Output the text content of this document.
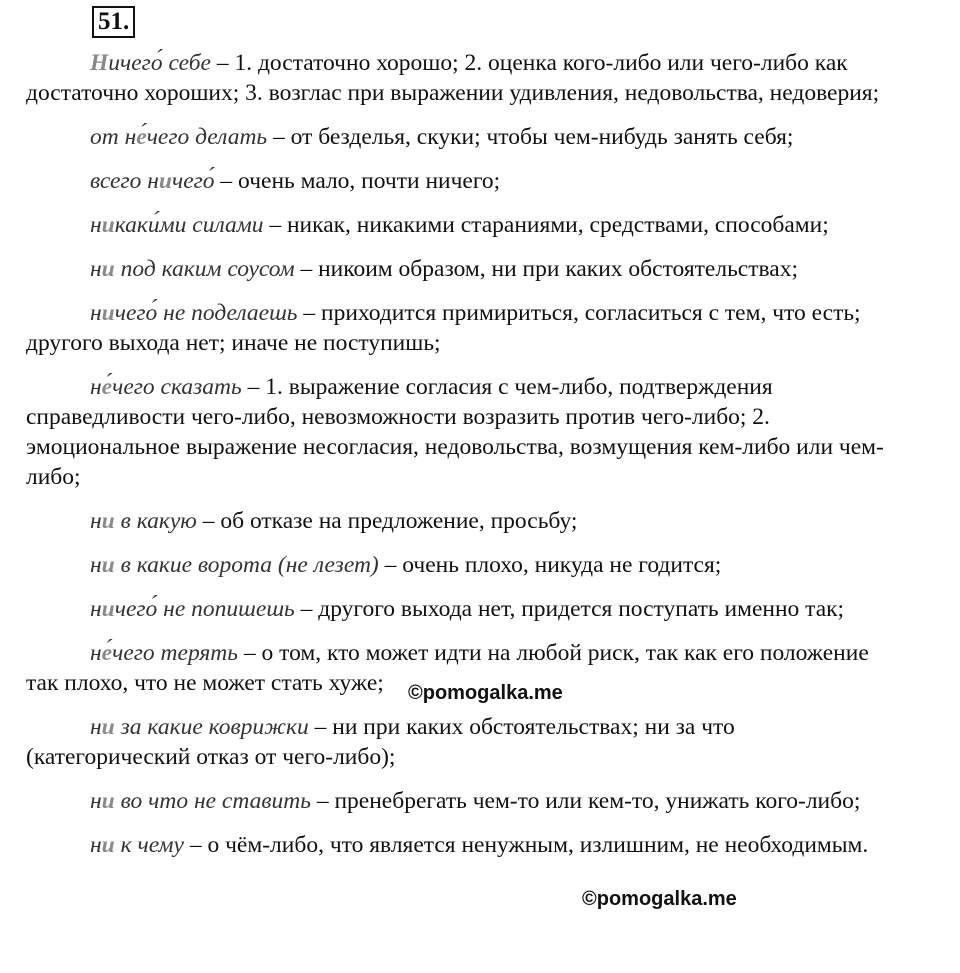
51.

Ничего́ себе – 1. достаточно хорошо; 2. оценка кого-либо или чего-либо как достаточно хороших; 3. возглас при выражении удивления, недовольства, недоверия;

от не́чего делать – от безделья, скуки; чтобы чем-нибудь занять себя;

всего ничего́ – очень мало, почти ничего;

никаки́ми силами – никак, никакими стараниями, средствами, способами;

ни под каким соусом – никоим образом, ни при каких обстоятельствах;

ничего́ не поделаешь – приходится примириться, согласиться с тем, что есть; другого выхода нет; иначе не поступишь;

не́чего сказать – 1. выражение согласия с чем-либо, подтверждения справедливости чего-либо, невозможности возразить против чего-либо; 2. эмоциональное выражение несогласия, недовольства, возмущения кем-либо или чем-либо;

ни в какую – об отказе на предложение, просьбу;

ни в какие ворота (не лезет) – очень плохо, никуда не годится;

ничего́ не попишешь – другого выхода нет, придется поступать именно так;

не́чего терять – о том, кто может идти на любой риск, так как его положение так плохо, что не может стать хуже;

ни за какие коврижки – ни при каких обстоятельствах; ни за что (категорический отказ от чего-либо);

ни во что не ставить – пренебрегать чем-то или кем-то, унижать кого-либо;

ни к чему – о чём-либо, что является ненужным, излишним, не необходимым.

©pomogalka.me
©pomogalka.me
